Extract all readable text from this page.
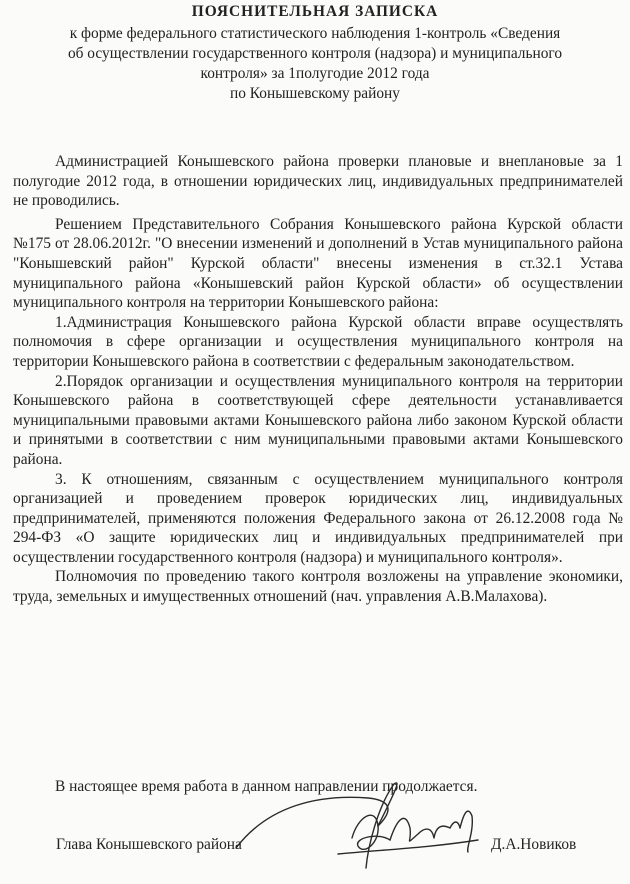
ПОЯСНИТЕЛЬНАЯ ЗАПИСКА
к форме федерального статистического наблюдения 1-контроль «Сведения
об осуществлении государственного контроля (надзора) и муниципального
контроля» за 1полугодие 2012 года
по Конышевскому району

Администрацией Конышевского района проверки плановые и внеплановые за 1 полугодие 2012 года, в отношении юридических лиц, индивидуальных предпринимателей не проводились.

Решением Представительного Собрания Конышевского района Курской области №175 от 28.06.2012г. "О внесении изменений и дополнений в Устав муниципального района "Конышевский район" Курской области" внесены изменения в ст.32.1 Устава муниципального района «Конышевский район Курской области» об осуществлении муниципального контроля на территории Конышевского района:

1.Администрация Конышевского района Курской области вправе осуществлять полномочия в сфере организации и осуществления муниципального контроля на территории Конышевского района в соответствии с федеральным законодательством.

2.Порядок организации и осуществления муниципального контроля на территории Конышевского района в соответствующей сфере деятельности устанавливается муниципальными правовыми актами Конышевского района либо законом Курской области и принятыми в соответствии с ним муниципальными правовыми актами Конышевского района.

3. К отношениям, связанным с осуществлением муниципального контроля организацией и проведением проверок юридических лиц, индивидуальных предпринимателей, применяются положения Федерального закона от 26.12.2008 года № 294-ФЗ «О защите юридических лиц и индивидуальных предпринимателей при осуществлении государственного контроля (надзора) и муниципального контроля».

Полномочия по проведению такого контроля возложены на управление экономики, труда, земельных и имущественных отношений (нач. управления А.В.Малахова).

В настоящее время работа в данном направлении продолжается.
Глава Конышевского района	Д.А.Новиков
